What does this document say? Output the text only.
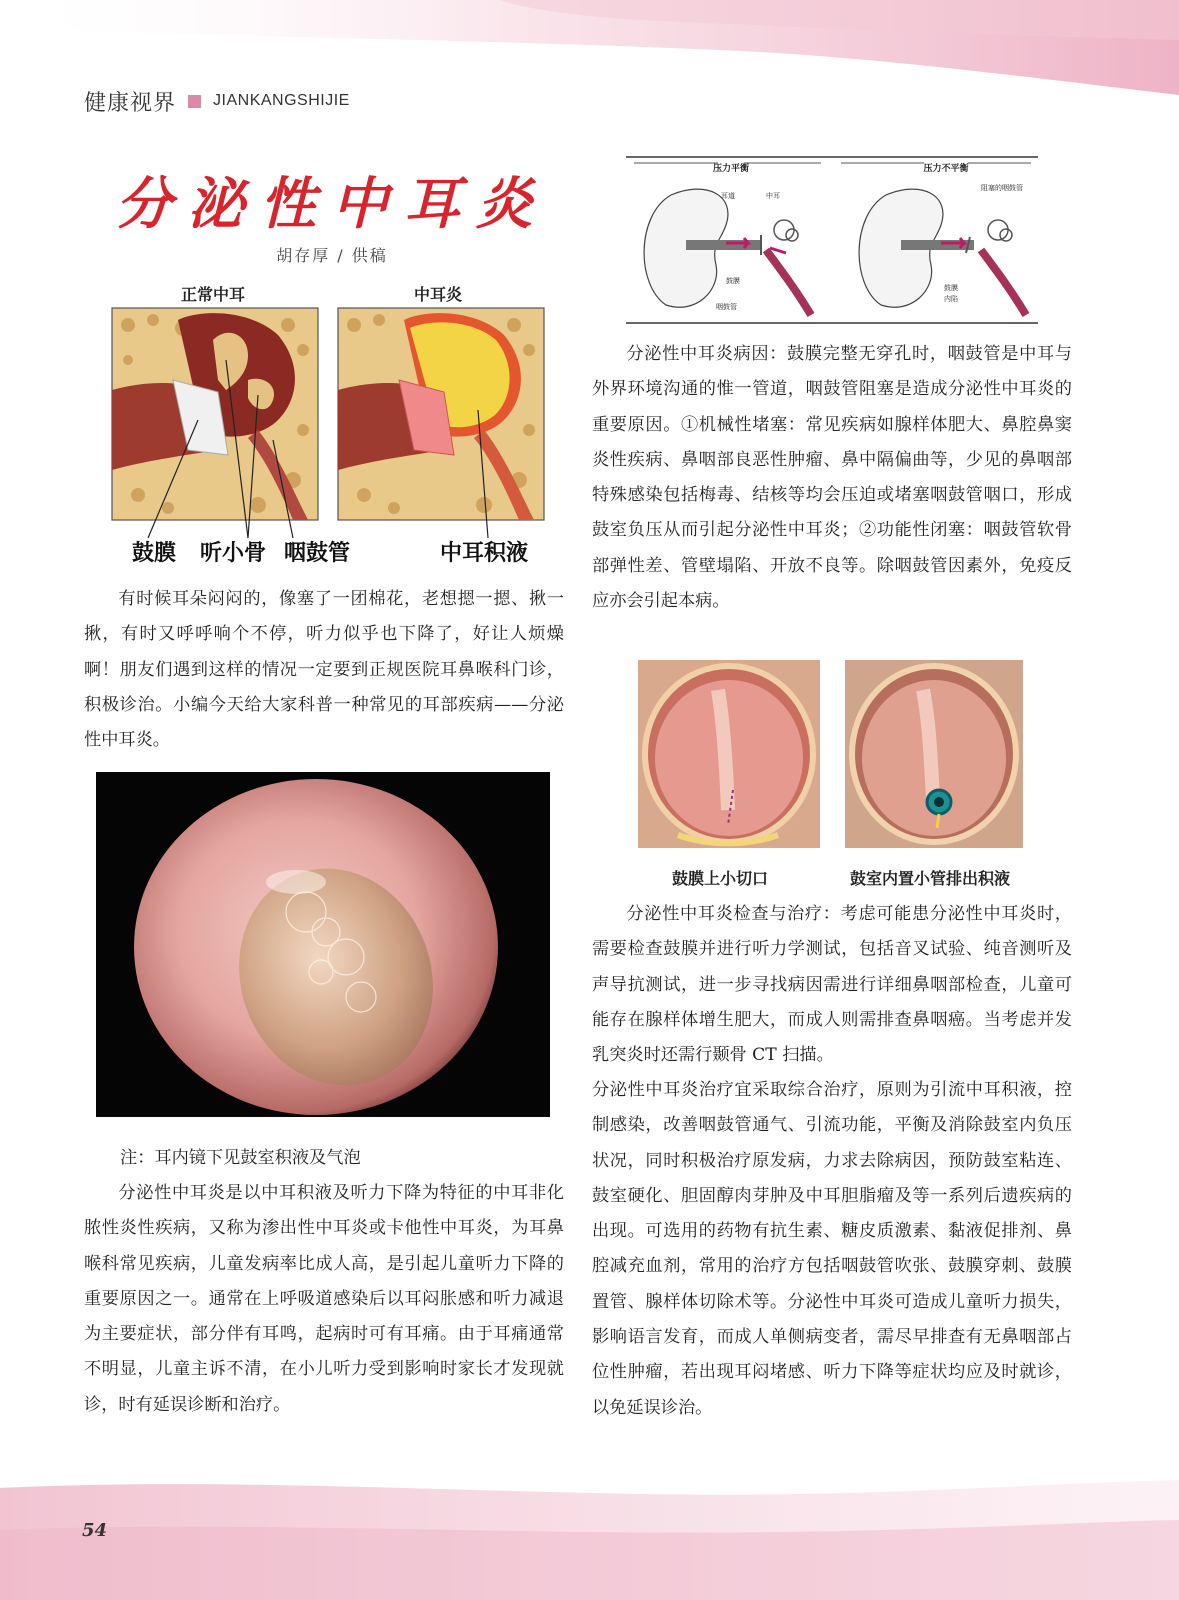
健康视界 JIANKANGSHIJIE
分泌性中耳炎
胡存厚 / 供稿
正常中耳	中耳炎
鼓膜 听小骨 咽鼓管	中耳积液

有时候耳朵闷闷的，像塞了一团棉花，老想摁一摁、揪一揪，有时又呼呼响个不停，听力似乎也下降了，好让人烦燥啊！朋友们遇到这样的情况一定要到正规医院耳鼻喉科门诊，积极诊治。小编今天给大家科普一种常见的耳部疾病——分泌性中耳炎。

注：耳内镜下见鼓室积液及气泡

分泌性中耳炎是以中耳积液及听力下降为特征的中耳非化脓性炎性疾病，又称为渗出性中耳炎或卡他性中耳炎，为耳鼻喉科常见疾病，儿童发病率比成人高，是引起儿童听力下降的重要原因之一。通常在上呼吸道感染后以耳闷胀感和听力减退为主要症状，部分伴有耳鸣，起病时可有耳痛。由于耳痛通常不明显，儿童主诉不清，在小儿听力受到影响时家长才发现就诊，时有延误诊断和治疗。

压力平衡	压力不平衡
耳道	中耳
鼓膜
咽鼓管
阻塞的咽鼓管
鼓膜
内陷

分泌性中耳炎病因：鼓膜完整无穿孔时，咽鼓管是中耳与外界环境沟通的惟一管道，咽鼓管阻塞是造成分泌性中耳炎的重要原因。①机械性堵塞：常见疾病如腺样体肥大、鼻腔鼻窦炎性疾病、鼻咽部良恶性肿瘤、鼻中隔偏曲等，少见的鼻咽部特殊感染包括梅毒、结核等均会压迫或堵塞咽鼓管咽口，形成鼓室负压从而引起分泌性中耳炎；②功能性闭塞：咽鼓管软骨部弹性差、管壁塌陷、开放不良等。除咽鼓管因素外，免疫反应亦会引起本病。

鼓膜上小切口	鼓室内置小管排出积液

分泌性中耳炎检查与治疗：考虑可能患分泌性中耳炎时，需要检查鼓膜并进行听力学测试，包括音叉试验、纯音测听及声导抗测试，进一步寻找病因需进行详细鼻咽部检查，儿童可能存在腺样体增生肥大，而成人则需排查鼻咽癌。当考虑并发乳突炎时还需行颞骨 CT 扫描。

分泌性中耳炎治疗宜采取综合治疗，原则为引流中耳积液，控制感染，改善咽鼓管通气、引流功能，平衡及消除鼓室内负压状况，同时积极治疗原发病，力求去除病因，预防鼓室粘连、鼓室硬化、胆固醇肉芽肿及中耳胆脂瘤及等一系列后遗疾病的出现。可选用的药物有抗生素、糖皮质激素、黏液促排剂、鼻腔减充血剂，常用的治疗方包括咽鼓管吹张、鼓膜穿刺、鼓膜置管、腺样体切除术等。分泌性中耳炎可造成儿童听力损失，影响语言发育，而成人单侧病变者，需尽早排查有无鼻咽部占位性肿瘤，若出现耳闷堵感、听力下降等症状均应及时就诊，以免延误诊治。

54
